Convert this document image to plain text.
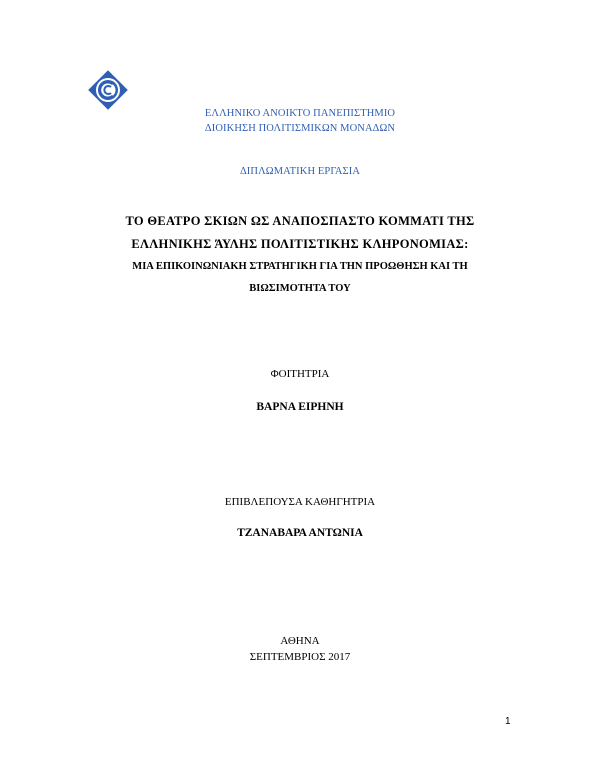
ΕΛΛΗΝΙΚΟ ΑΝΟΙΚΤΟ ΠΑΝΕΠΙΣΤΗΜΙΟ
ΔΙΟΙΚΗΣΗ ΠΟΛΙΤΙΣΜΙΚΩΝ ΜΟΝΑΔΩΝ
ΔΙΠΛΩΜΑΤΙΚΗ ΕΡΓΑΣΙΑ
ΤΟ ΘΕΑΤΡΟ ΣΚΙΩΝ ΩΣ ΑΝΑΠΟΣΠΑΣΤΟ ΚΟΜΜΑΤΙ ΤΗΣ
ΕΛΛΗΝΙΚΗΣ ΆΥΛΗΣ ΠΟΛΙΤΙΣΤΙΚΗΣ ΚΛΗΡΟΝΟΜΙΑΣ:
ΜΙΑ ΕΠΙΚΟΙΝΩΝΙΑΚΗ ΣΤΡΑΤΗΓΙΚΗ ΓΙΑ ΤΗΝ ΠΡΟΩΘΗΣΗ ΚΑΙ ΤΗ
ΒΙΩΣΙΜΟΤΗΤΑ ΤΟΥ
ΦΟΙΤΗΤΡΙΑ
ΒΑΡΝΑ ΕΙΡΗΝΗ
ΕΠΙΒΛΕΠΟΥΣΑ ΚΑΘΗΓΗΤΡΙΑ
ΤΖΑΝΑΒΑΡΑ ΑΝΤΩΝΙΑ
ΑΘΗΝΑ
ΣΕΠΤΕΜΒΡΙΟΣ 2017
1
